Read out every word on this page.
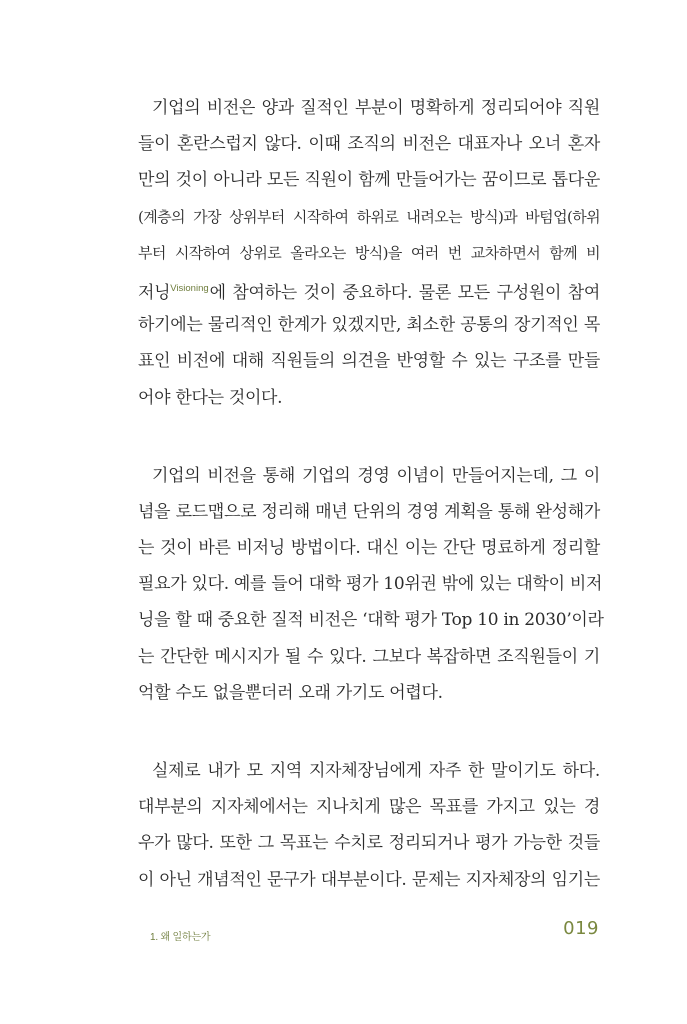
기업의 비전은 양과 질적인 부분이 명확하게 정리되어야 직원
들이 혼란스럽지 않다. 이때 조직의 비전은 대표자나 오너 혼자
만의 것이 아니라 모든 직원이 함께 만들어가는 꿈이므로 톱다운
(계층의 가장 상위부터 시작하여 하위로 내려오는 방식)과 바텀업(하위
부터 시작하여 상위로 올라오는 방식)을 여러 번 교차하면서 함께 비
저닝$^{Visioning}$에 참여하는 것이 중요하다. 물론 모든 구성원이 참여
하기에는 물리적인 한계가 있겠지만, 최소한 공통의 장기적인 목
표인 비전에 대해 직원들의 의견을 반영할 수 있는 구조를 만들
어야 한다는 것이다.

기업의 비전을 통해 기업의 경영 이념이 만들어지는데, 그 이
념을 로드맵으로 정리해 매년 단위의 경영 계획을 통해 완성해가
는 것이 바른 비저닝 방법이다. 대신 이는 간단 명료하게 정리할
필요가 있다. 예를 들어 대학 평가 10위권 밖에 있는 대학이 비저
닝을 할 때 중요한 질적 비전은 ‘대학 평가 Top 10 in 2030’이라
는 간단한 메시지가 될 수 있다. 그보다 복잡하면 조직원들이 기
억할 수도 없을뿐더러 오래 가기도 어렵다.

실제로 내가 모 지역 지자체장님에게 자주 한 말이기도 하다.
대부분의 지자체에서는 지나치게 많은 목표를 가지고 있는 경
우가 많다. 또한 그 목표는 수치로 정리되거나 평가 가능한 것들
이 아닌 개념적인 문구가 대부분이다. 문제는 지자체장의 임기는

1. 왜 일하는가	019
